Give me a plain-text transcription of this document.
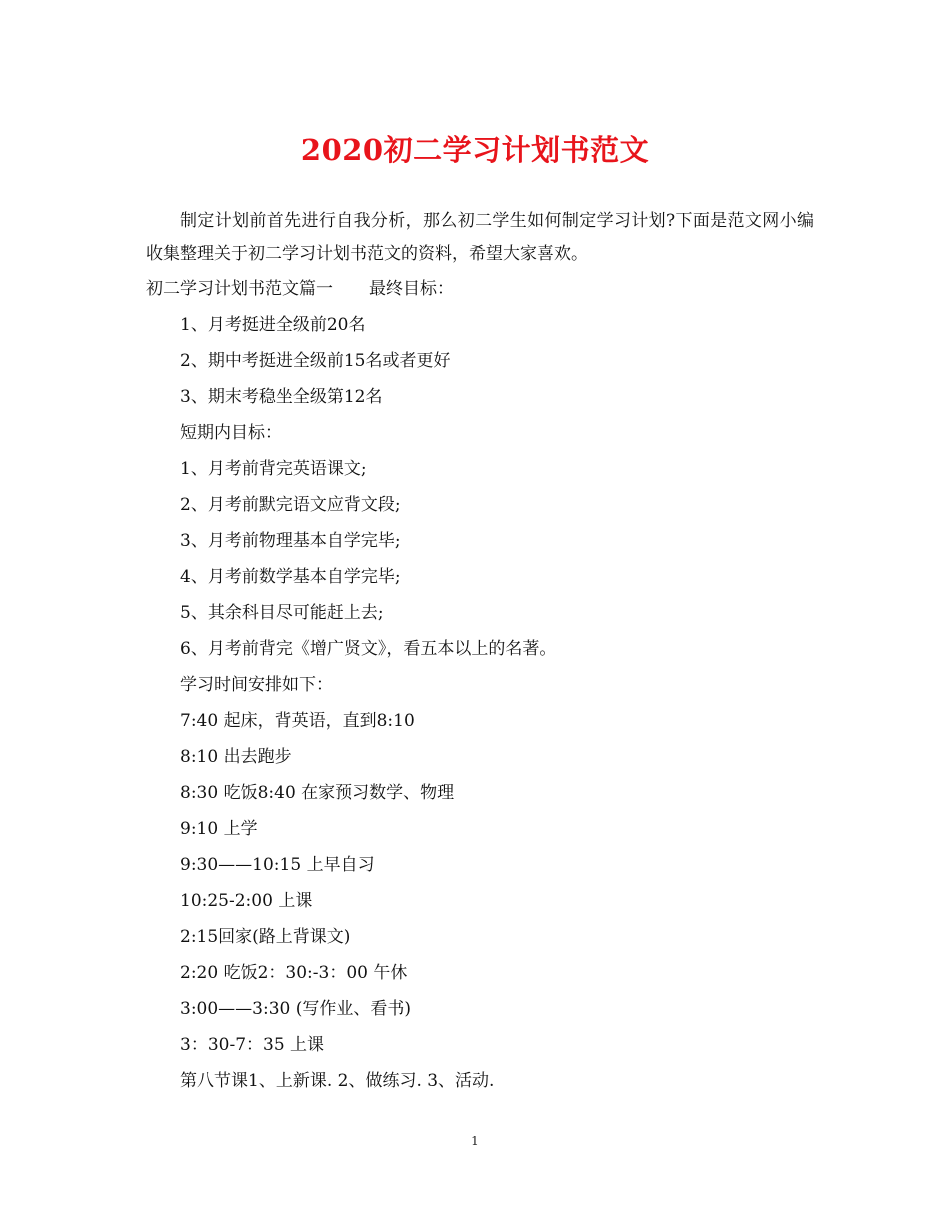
2020初二学习计划书范文

制定计划前首先进行自我分析，那么初二学生如何制定学习计划?下面是范文网小编收集整理关于初二学习计划书范文的资料，希望大家喜欢。

初二学习计划书范文篇一 最终目标：
1、月考挺进全级前20名
2、期中考挺进全级前15名或者更好
3、期末考稳坐全级第12名
短期内目标：
1、月考前背完英语课文;
2、月考前默完语文应背文段;
3、月考前物理基本自学完毕;
4、月考前数学基本自学完毕;
5、其余科目尽可能赶上去;
6、月考前背完《增广贤文》，看五本以上的名著。
学习时间安排如下：
7:40 起床，背英语，直到8:10
8:10 出去跑步
8:30 吃饭8:40 在家预习数学、物理
9:10 上学
9:30——10:15 上早自习
10:25-2:00 上课
2:15回家(路上背课文)
2:20 吃饭2：30:-3：00 午休
3:00——3:30 (写作业、看书)
3：30-7：35 上课
第八节课1、上新课. 2、做练习. 3、活动.
1
